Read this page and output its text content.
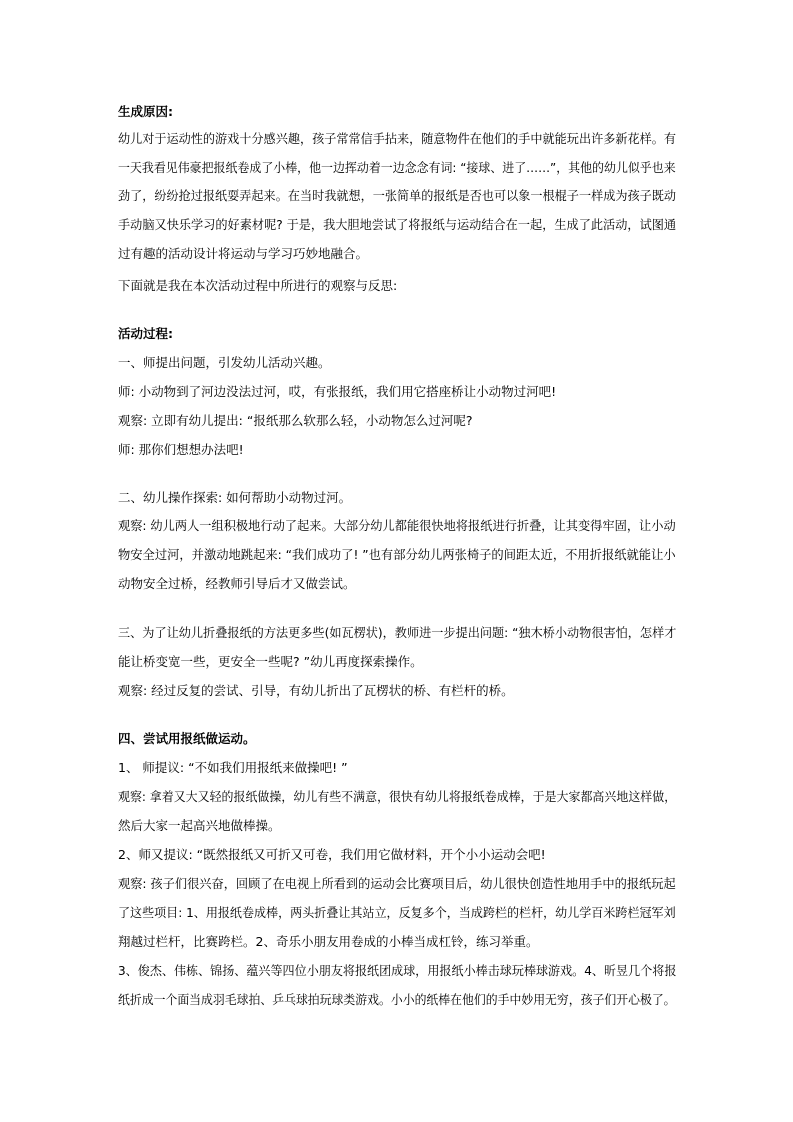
生成原因:

幼儿对于运动性的游戏十分感兴趣，孩子常常信手拈来，随意物件在他们的手中就能玩出许多新花样。有

一天我看见伟豪把报纸卷成了小棒，他一边挥动着一边念念有词: “接球、进了……”，其他的幼儿似乎也来

劲了，纷纷抢过报纸耍弄起来。在当时我就想，一张简单的报纸是否也可以象一根棍子一样成为孩子既动

手动脑又快乐学习的好素材呢? 于是，我大胆地尝试了将报纸与运动结合在一起，生成了此活动，试图通

过有趣的活动设计将运动与学习巧妙地融合。

下面就是我在本次活动过程中所进行的观察与反思:

活动过程:

一、师提出问题，引发幼儿活动兴趣。

师: 小动物到了河边没法过河，哎，有张报纸，我们用它搭座桥让小动物过河吧!

观察: 立即有幼儿提出: “报纸那么软那么轻，小动物怎么过河呢?

师: 那你们想想办法吧!

二、幼儿操作探索: 如何帮助小动物过河。

观察: 幼儿两人一组积极地行动了起来。大部分幼儿都能很快地将报纸进行折叠，让其变得牢固，让小动

物安全过河，并激动地跳起来: “我们成功了! ”也有部分幼儿两张椅子的间距太近，不用折报纸就能让小

动物安全过桥，经教师引导后才又做尝试。

三、为了让幼儿折叠报纸的方法更多些(如瓦楞状)，教师进一步提出问题: “独木桥小动物很害怕，怎样才

能让桥变宽一些，更安全一些呢? ”幼儿再度探索操作。

观察: 经过反复的尝试、引导，有幼儿折出了瓦楞状的桥、有栏杆的桥。

四、尝试用报纸做运动。

1、 师提议: “不如我们用报纸来做操吧! ”

观察: 拿着又大又轻的报纸做操，幼儿有些不满意，很快有幼儿将报纸卷成棒，于是大家都高兴地这样做，

然后大家一起高兴地做棒操。

2、师又提议: “既然报纸又可折又可卷，我们用它做材料，开个小小运动会吧!

观察: 孩子们很兴奋，回顾了在电视上所看到的运动会比赛项目后，幼儿很快创造性地用手中的报纸玩起

了这些项目: 1、用报纸卷成棒，两头折叠让其站立，反复多个，当成跨栏的栏杆，幼儿学百米跨栏冠军刘

翔越过栏杆，比赛跨栏。2、奇乐小朋友用卷成的小棒当成杠铃，练习举重。

3、俊杰、伟栋、锦扬、蕴兴等四位小朋友将报纸团成球，用报纸小棒击球玩棒球游戏。4、昕昱几个将报

纸折成一个面当成羽毛球拍、乒乓球拍玩球类游戏。小小的纸棒在他们的手中妙用无穷，孩子们开心极了。
